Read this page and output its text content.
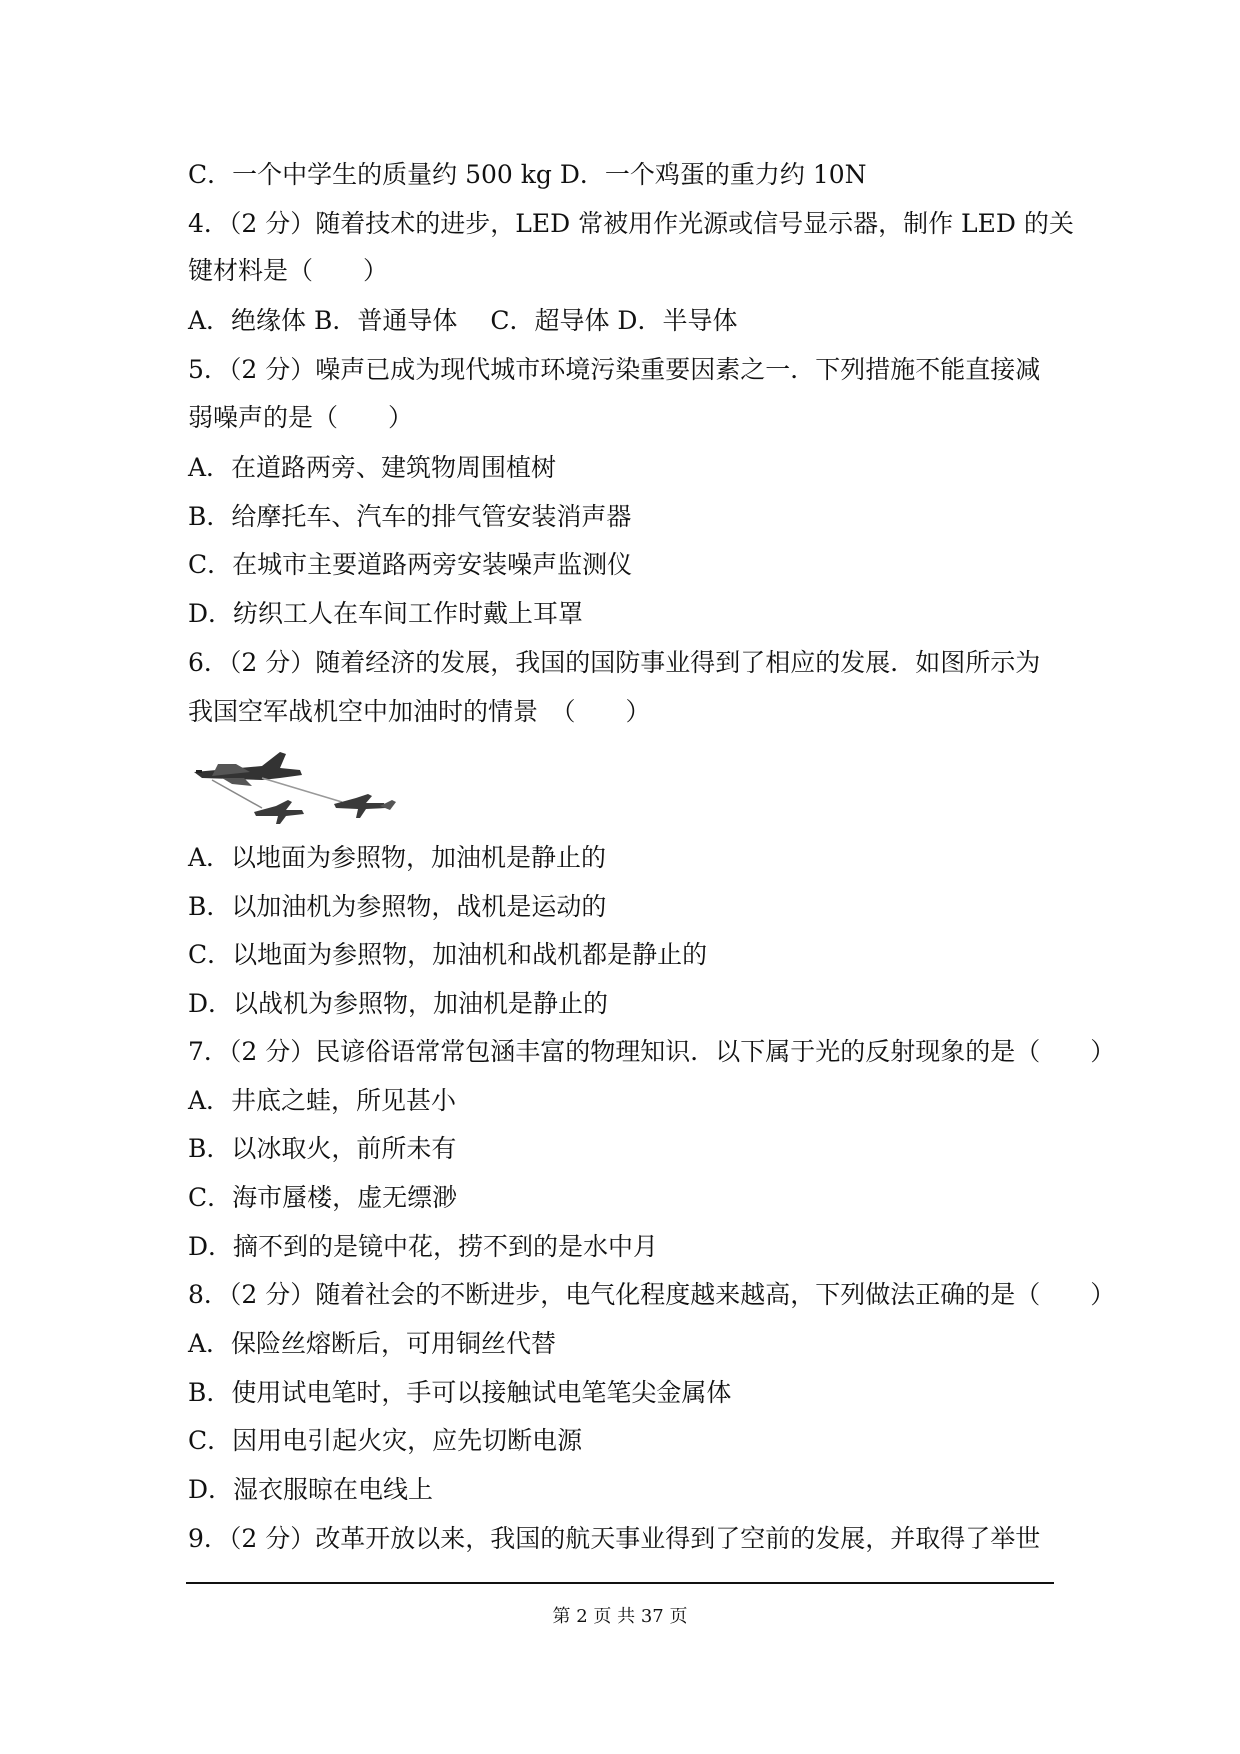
C．一个中学生的质量约 500 kg D．一个鸡蛋的重力约 10N
4．（2 分）随着技术的进步，LED 常被用作光源或信号显示器，制作 LED 的关
键材料是（　　）
A．绝缘体 B．普通导体　 C．超导体 D．半导体
5．（2 分）噪声已成为现代城市环境污染重要因素之一．下列措施不能直接减
弱噪声的是（　　）
A．在道路两旁、建筑物周围植树
B．给摩托车、汽车的排气管安装消声器
C．在城市主要道路两旁安装噪声监测仪
D．纺织工人在车间工作时戴上耳罩
6．（2 分）随着经济的发展，我国的国防事业得到了相应的发展．如图所示为
我国空军战机空中加油时的情景　（　　）
A．以地面为参照物，加油机是静止的
B．以加油机为参照物，战机是运动的
C．以地面为参照物，加油机和战机都是静止的
D．以战机为参照物，加油机是静止的
7．（2 分）民谚俗语常常包涵丰富的物理知识．以下属于光的反射现象的是（　　）
A．井底之蛙，所见甚小
B．以冰取火，前所未有
C．海市蜃楼，虚无缥渺
D．摘不到的是镜中花，捞不到的是水中月
8．（2 分）随着社会的不断进步，电气化程度越来越高，下列做法正确的是（　　）
A．保险丝熔断后，可用铜丝代替
B．使用试电笔时，手可以接触试电笔笔尖金属体
C．因用电引起火灾，应先切断电源
D．湿衣服晾在电线上
9．（2 分）改革开放以来，我国的航天事业得到了空前的发展，并取得了举世
第 2 页 共 37 页
